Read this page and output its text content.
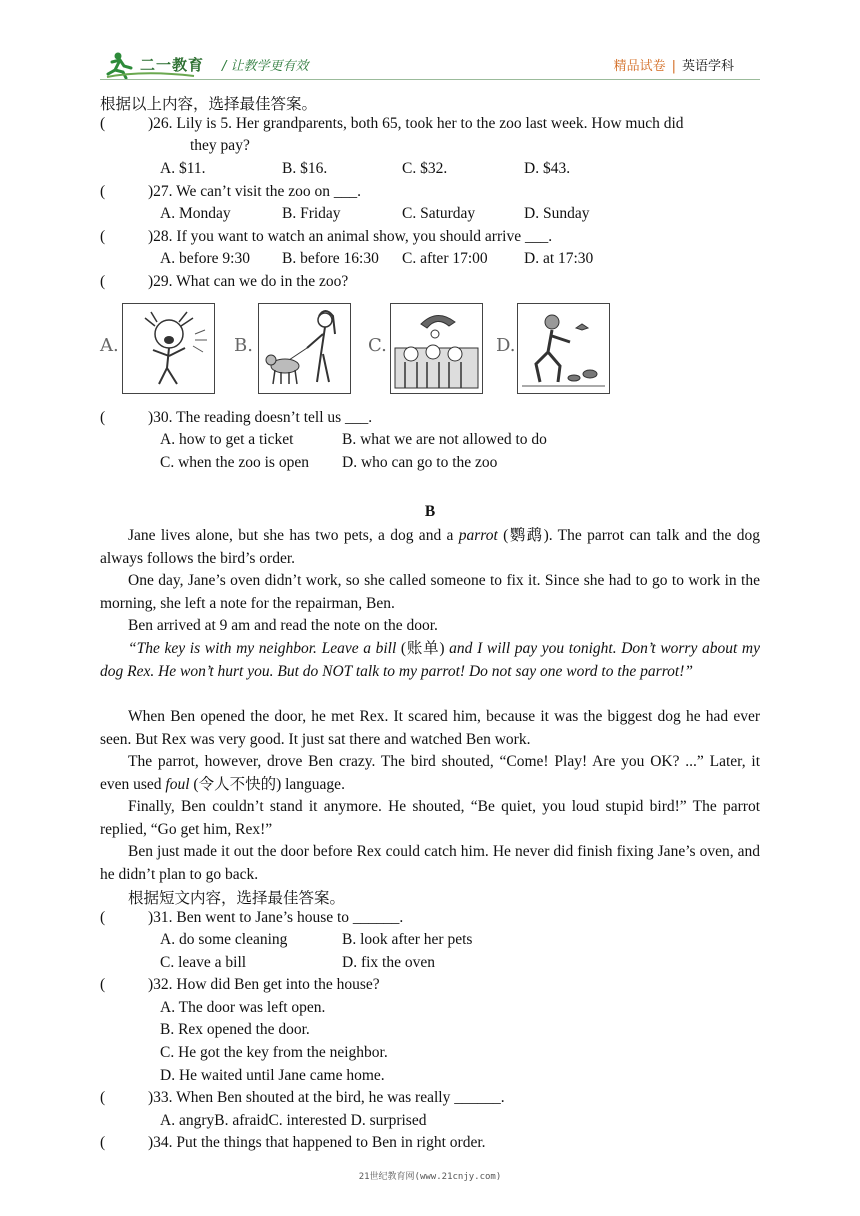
二一教育 / 让教学更有效	精品试卷 | 英语学科
根据以上内容，选择最佳答案。
(	)26. Lily is 5. Her grandparents, both 65, took her to the zoo last week. How much did
they pay?
A. $11.	B. $16.	C. $32.	D. $43.
(	)27. We can’t visit the zoo on ___.
A. Monday	B. Friday	C. Saturday	D. Sunday
(	)28. If you want to watch an animal show, you should arrive ___.
A. before 9:30 B. before 16:30 C. after 17:00 D. at 17:30
(	)29. What can we do in the zoo?
A.	B.	C.	D.
(	)30. The reading doesn’t tell us ___.
A. how to get a ticket	B. what we are not allowed to do
C. when the zoo is open D. who can go to the zoo
B
Jane lives alone, but she has two pets, a dog and a parrot (鹦鹉). The parrot can talk and the dog always follows the bird’s order.
One day, Jane’s oven didn’t work, so she called someone to fix it. Since she had to go to work in the morning, she left a note for the repairman, Ben.
Ben arrived at 9 am and read the note on the door.
“The key is with my neighbor. Leave a bill (账单) and I will pay you tonight. Don’t worry about my dog Rex. He won’t hurt you. But do NOT talk to my parrot! Do not say one word to the parrot!”
When Ben opened the door, he met Rex. It scared him, because it was the biggest dog he had ever seen. But Rex was very good. It just sat there and watched Ben work.
The parrot, however, drove Ben crazy. The bird shouted, “Come! Play! Are you OK? ...” Later, it even used foul (令人不快的) language.
Finally, Ben couldn’t stand it anymore. He shouted, “Be quiet, you loud stupid bird!” The parrot replied, “Go get him, Rex!”
Ben just made it out the door before Rex could catch him. He never did finish fixing Jane’s oven, and he didn’t plan to go back.
根据短文内容，选择最佳答案。
(	)31. Ben went to Jane’s house to ______.
A. do some cleaning	B. look after her pets
C. leave a bill	D. fix the oven
(	)32. How did Ben get into the house?
A. The door was left open.
B. Rex opened the door.
C. He got the key from the neighbor.
D. He waited until Jane came home.
(	)33. When Ben shouted at the bird, he was really ______.
A. angryB. afraidC. interested D. surprised
(	)34. Put the things that happened to Ben in right order.
21世纪教育网(www.21cnjy.com)
